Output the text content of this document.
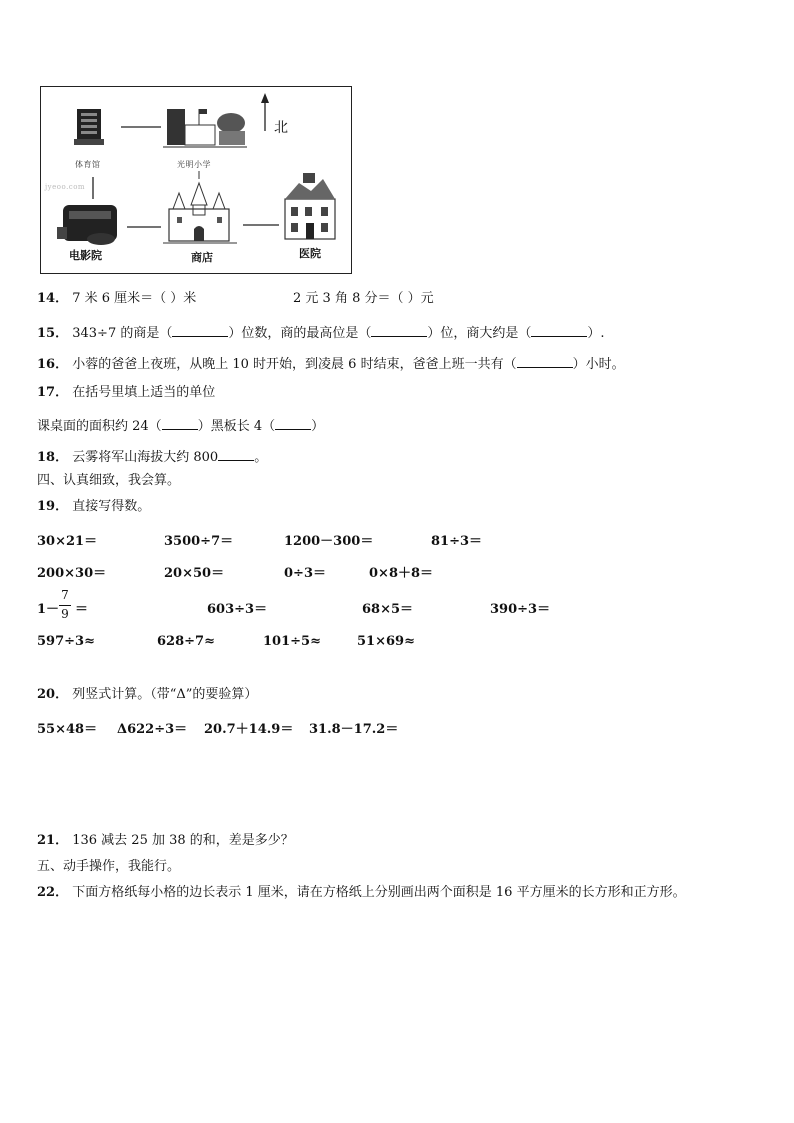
体育馆	光明小学
北
jyeoo.com
电影院	商店	医院
14． 7 米 6 厘米＝（ ）米	2 元 3 角 8 分＝（ ）元
15． 343÷7 的商是（	）位数，商的最高位是（	）位，商大约是（	）.
16． 小蓉的爸爸上夜班，从晚上 10 时开始，到凌晨 6 时结束，爸爸上班一共有（	）小时。
17． 在括号里填上适当的单位
课桌面的面积约 24（	）黑板长 4（	）
18． 云雾将军山海拔大约 800	。
四、认真细致，我会算。
19． 直接写得数。
30×21＝	3500÷7＝	1200－300＝	81÷3＝
200×30＝	20×50＝	0÷3＝	0×8＋8＝
1－
7
9 ＝	603÷3＝	68×5＝	390÷3＝
597÷3≈	628÷7≈	101÷5≈	51×69≈
20． 列竖式计算。（带“Δ”的要验算）
55×48＝ Δ622÷3＝ 20.7＋14.9＝ 31.8－17.2＝
21． 136 减去 25 加 38 的和，差是多少？
五、动手操作，我能行。
22． 下面方格纸每小格的边长表示 1 厘米，请在方格纸上分别画出两个面积是 16 平方厘米的长方形和正方形。
